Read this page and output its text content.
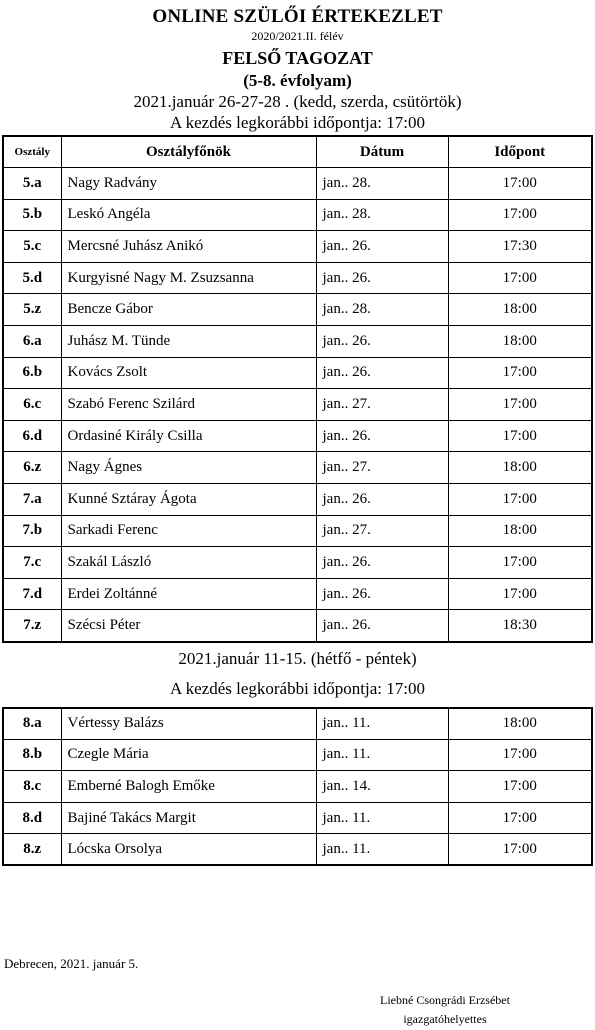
ONLINE SZÜLŐI ÉRTEKEZLET
2020/2021.II. félév
FELSŐ TAGOZAT
(5-8. évfolyam)
2021.január 26-27-28 . (kedd, szerda, csütörtök)
A kezdés legkorábbi időpontja: 17:00
Osztály	Osztályfőnök	Dátum	Időpont
5.a	Nagy Radvány	jan.. 28.	17:00
5.b	Leskó Angéla	jan.. 28.	17:00
5.c	Mercsné Juhász Anikó	jan.. 26.	17:30
5.d	Kurgyisné Nagy M. Zsuzsanna	jan.. 26.	17:00
5.z	Bencze Gábor	jan.. 28.	18:00
6.a	Juhász M. Tünde	jan.. 26.	18:00
6.b	Kovács Zsolt	jan.. 26.	17:00
6.c	Szabó Ferenc Szilárd	jan.. 27.	17:00
6.d	Ordasiné Király Csilla	jan.. 26.	17:00
6.z	Nagy Ágnes	jan.. 27.	18:00
7.a	Kunné Sztáray Ágota	jan.. 26.	17:00
7.b	Sarkadi Ferenc	jan.. 27.	18:00
7.c	Szakál László	jan.. 26.	17:00
7.d	Erdei Zoltánné	jan.. 26.	17:00
7.z	Szécsi Péter	jan.. 26.	18:30
2021.január 11-15. (hétfő - péntek)
A kezdés legkorábbi időpontja: 17:00
8.a	Vértessy Balázs	jan.. 11.	18:00
8.b	Czegle Mária	jan.. 11.	17:00
8.c	Emberné Balogh Emőke	jan.. 14.	17:00
8.d	Bajiné Takács Margit	jan.. 11.	17:00
8.z	Lócska Orsolya	jan.. 11.	17:00
Debrecen, 2021. január 5.
Liebné Csongrádi Erzsébet
igazgatóhelyettes
